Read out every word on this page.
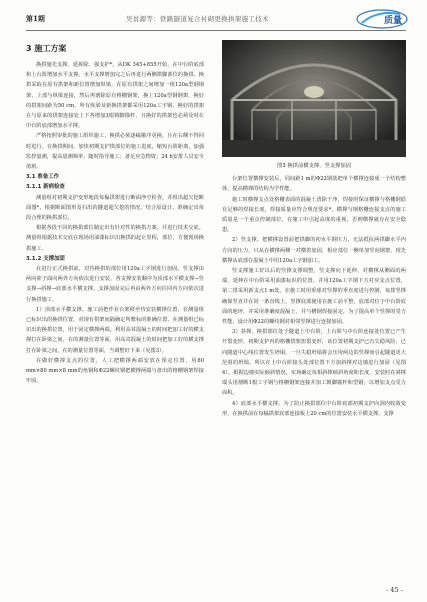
第1期	吴贫源等：铁路隧道复合衬砌更换拱架施工技术	质量
3 施工方案

换拱施先支撑、延拆除、强支护*，从DK 345+855开始，在中台阶底部和上台阶增加水平支撑。水平支撑增加完之后再进行两侧拱脚部位的换拱。换拱采取在原有拱架和新位置增加纵梁，在原有拱架之间增加一组120a型钢钢架，上部与纵梁连接，然后再割除原有格栅钢架，换上120a型钢钢架，换好的拱架间距为50 cm，所有纵梁及新换拱架都采用120a工字钢。换好的拱架在与原来的拱架连接处上下各增加3根锁脚锚杆，且换好的拱架也必须及时在中台阶底部增加水平撑。

严格按照审批的施工组织施工，换拱必须逐榀顺序更换，且在右侧不得同时进行。在换拱期间，加快初期支护拱部位的施工进度，缩短台阶距离，加强监控量测，提高量测频率，随时指导施工；备足应急物资；24 h安排人员安全值班。

3.1 准备工作

3.1.1 新病检查

测量组对初期支护变形地段每榀拱架进行断面净空检查，并组出超欠挖断面图*，根据断面图形及扫出的隧道超欠挖的情况，结合原设计，准确定出每段合理的换拱部位。

根据各段不同的换拱部位制定出有针对性的换拱方案，并进行技术交底。测量组根据技术交底在现场用油漆标识出换拱的起止里程，部位，方便现场换拱施工。

3.1.2 支撑加固

在进行正式换拱前，对待换拱的部位用120a工字钢进行加固。竖支撑由两向索子面向两外方向依次进行安装，各支撑安装顺序为顶部水平横支撑→竖支撑→斜撑→底部水平横支撑。支撑加固完后再由两外方向往回内方向依次进行换拱施工。

1）顶部水平横支撑。施工前把作业台架移至待安装横撑位置，在测量组已标识出的换拱位置，对现有拱架间隔确定所敷标的准确位置，在测量组已标识出的换拱位置，用于固定横撑两端。利用高耸混凝土的时间把加工好的横支撑打在卧梁之间，在的测量位置等面，用高耸混凝土的时间把加工好的横支撑打在卧梁之间，在的测量位置等面，当调整好下来（见图3）。

在做好横撑支点的位置，人工把横撑两端安放在预定位置，用80 mm×80 mm×8 mm的角钢和Φ22螺纹钢把横撑两端与盘出的格栅钢架焊接牢固。

图3 换拱前横支撑、竖支撑加固

台架位置横撑安装后，同间距1 m的Φ22钢筋把单个横撑连接成一个结构整体，提高横撑的结构为学性能。

施工时横撑支点处格栅表面的混凝土清除干净，焊接时保证横撑与格栅钢筋有足够的焊接长度，焊接质量应符合规范要求*。横撑与钢格栅连接支点的施工质量是一个重点控制部位，在施工中引起高度的重视，否则横撑就存在安全隐患。

2）竖支撑。把横撑设置前把拱脚的初水平钢压力，无法抵抗两拱脚水平内方向的压力，只从在横撑两侧一对横着加固，相应部位一侧单加竖向钢架，现先横撑从底部在混凝土中用120a工字钢加工。

竖支撑施工好以后的竖撑支撑调整，竖支撑向下延伸，对横撑从侧面的两端、延伸在中台阶采用油漆标识的位置，并用120a工字钢下方对应支点位置，第二排采用新支点1 m处。在施工时用垂球对竖撑的垂直度进行控制，每排竖撑确保竖直并在同一条直线上，竖撑底部使用在施工前平整，底部对位于中台阶底面的地坪，并采用准确度混凝土，并与槽钢焊接固定，为了提高单个竖撑的受力性能，设计用Φ22的螺纹钢对相邻竖撑进行连接加固。

3）斜撑。换拱部位处于隧道上中台阶，上台阶与中台阶连接处位置已产生开裂变形，初期支护内的格栅拱架扭裂变形，该位置初期支护已有失稳风险，已向隧道中心线位置发生坍塌，一旦失稳坍塌将会压垮两边的竖撑而引起隧道更大范围的坍塌。所以在上中台阶接头处部位置下方加斜撑对边墙进行加固（见图4）。根据边墙实际倾斜情况，实场确定每相斜撑倾斜角度和长度，安装时在斜撑端头用割断1根工字钢与格栅钢架连接并加工锁脚锚杆和型钢，以增加支点受力面积。

4）底部水平横支撑。为了防止换拱部位中台阶底部初期支护向洞内收敛变形，在换拱前在每榀拱架底部连接板上20 cm的位置安装水平横支撑，支撑

- 45 -
